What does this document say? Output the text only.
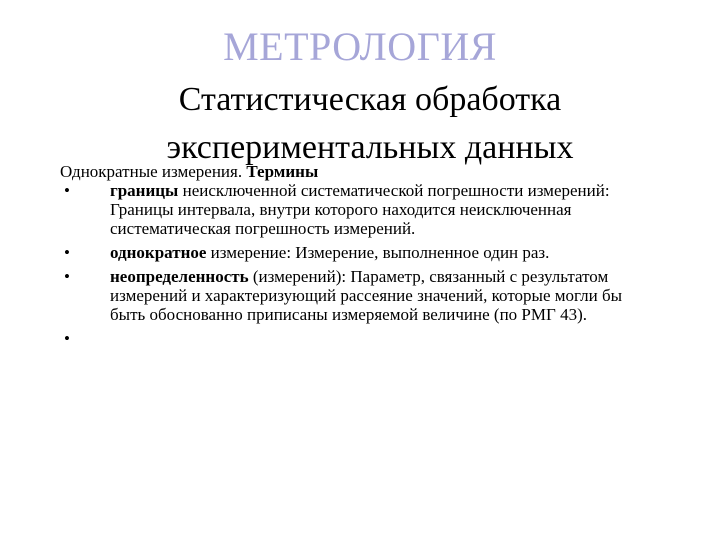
МЕТРОЛОГИЯ
Статистическая обработка
экспериментальных данных

Однократные измерения. Термины

• границы неисключенной систематической погрешности измерений: Границы интервала, внутри которого находится неисключенная систематическая погрешность измерений.
• однократное измерение: Измерение, выполненное один раз.
• неопределенность (измерений): Параметр, связанный с результатом измерений и характеризующий рассеяние значений, которые могли бы быть обоснованно приписаны измеряемой величине (по РМГ 43).
•
